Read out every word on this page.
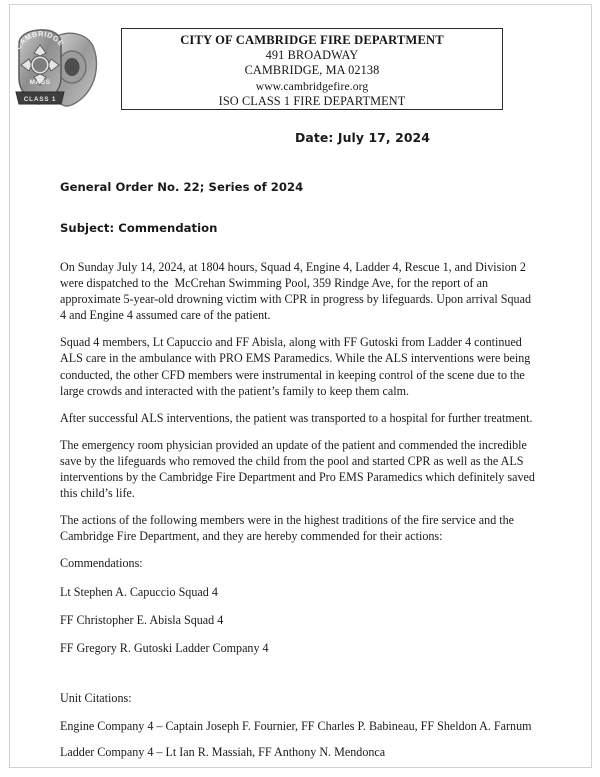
CAMBRIDGE
MASS
CLASS 1
CITY OF CAMBRIDGE FIRE DEPARTMENT
491 BROADWAY
CAMBRIDGE, MA 02138
www.cambridgefire.org
ISO CLASS 1 FIRE DEPARTMENT
Date: July 17, 2024
General Order No. 22; Series of 2024
Subject: Commendation

On Sunday July 14, 2024, at 1804 hours, Squad 4, Engine 4, Ladder 4, Rescue 1, and Division 2 were dispatched to the  McCrehan Swimming Pool, 359 Rindge Ave, for the report of an approximate 5-year-old drowning victim with CPR in progress by lifeguards. Upon arrival Squad 4 and Engine 4 assumed care of the patient.

Squad 4 members, Lt Capuccio and FF Abisla, along with FF Gutoski from Ladder 4 continued ALS care in the ambulance with PRO EMS Paramedics. While the ALS interventions were being conducted, the other CFD members were instrumental in keeping control of the scene due to the large crowds and interacted with the patient’s family to keep them calm.

After successful ALS interventions, the patient was transported to a hospital for further treatment.

The emergency room physician provided an update of the patient and commended the incredible save by the lifeguards who removed the child from the pool and started CPR as well as the ALS interventions by the Cambridge Fire Department and Pro EMS Paramedics which definitely saved this child’s life.

The actions of the following members were in the highest traditions of the fire service and the Cambridge Fire Department, and they are hereby commended for their actions:

Commendations:

Lt Stephen A. Capuccio Squad 4

FF Christopher E. Abisla Squad 4

FF Gregory R. Gutoski Ladder Company 4

Unit Citations:

Engine Company 4 – Captain Joseph F. Fournier, FF Charles P. Babineau, FF Sheldon A. Farnum

Ladder Company 4 – Lt Ian R. Massiah, FF Anthony N. Mendonca
